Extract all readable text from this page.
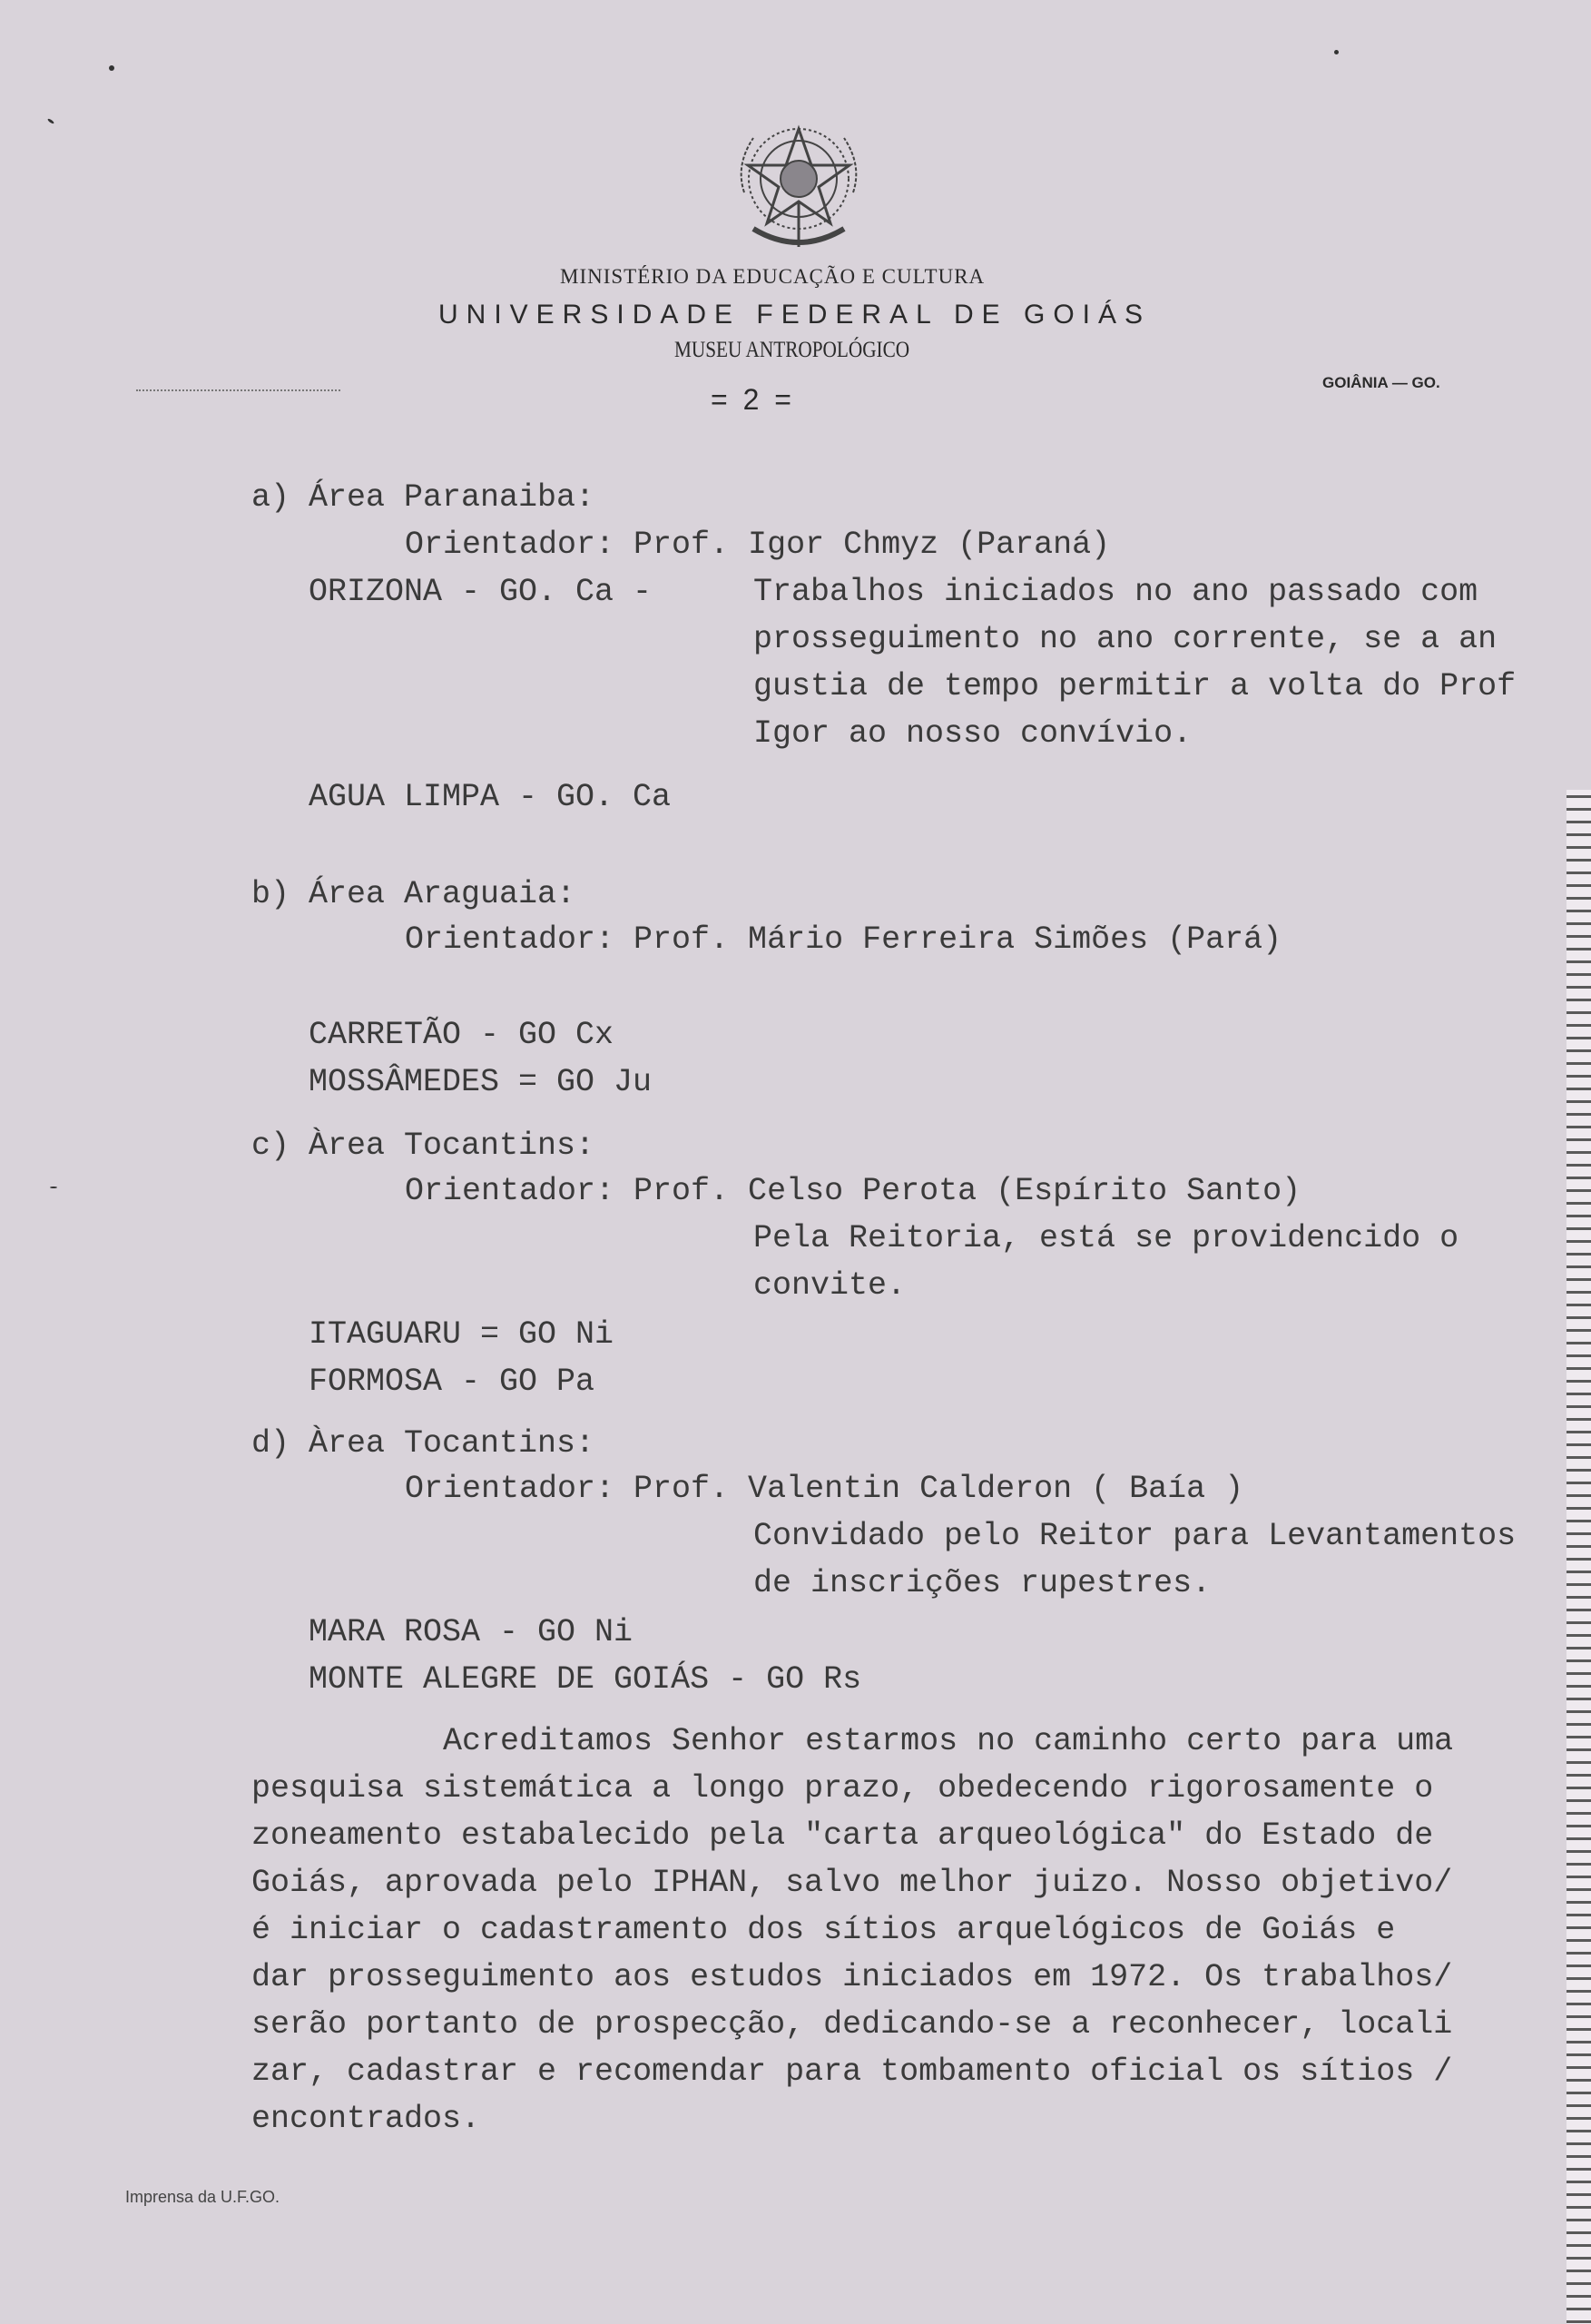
MINISTÉRIO DA EDUCAÇÃO E CULTURA
UNIVERSIDADE FEDERAL DE GOIÁS
MUSEU ANTROPOLÓGICO
GOIÂNIA — GO.
= 2 =
a) Área Paranaiba:
Orientador: Prof. Igor Chmyz (Paraná)
ORIZONA - GO. Ca -	Trabalhos iniciados no ano passado com
prosseguimento no ano corrente, se a an
gustia de tempo permitir a volta do Prof
Igor ao nosso convívio.
AGUA LIMPA - GO. Ca
b) Área Araguaia:
Orientador: Prof. Mário Ferreira Simões (Pará)
CARRETÃO - GO Cx
MOSSÂMEDES = GO Ju
c) Àrea Tocantins:
Orientador: Prof. Celso Perota (Espírito Santo)
Pela Reitoria, está se providencido o
convite.
ITAGUARU = GO Ni
FORMOSA - GO Pa
d) Àrea Tocantins:
Orientador: Prof. Valentin Calderon ( Baía )
Convidado pelo Reitor para Levantamentos
de inscrições rupestres.
MARA ROSA - GO Ni
MONTE ALEGRE DE GOIÁS - GO Rs
Acreditamos Senhor estarmos no caminho certo para uma
pesquisa sistemática a longo prazo, obedecendo rigorosamente o
zoneamento estabalecido pela "carta arqueológica" do Estado de
Goiás, aprovada pelo IPHAN, salvo melhor juizo. Nosso objetivo/
é iniciar o cadastramento dos sítios arquelógicos de Goiás e
dar prosseguimento aos estudos iniciados em 1972. Os trabalhos/
serão portanto de prospecção, dedicando-se a reconhecer, locali
zar, cadastrar e recomendar para tombamento oficial os sítios /
encontrados.
Imprensa da U.F.GO.
